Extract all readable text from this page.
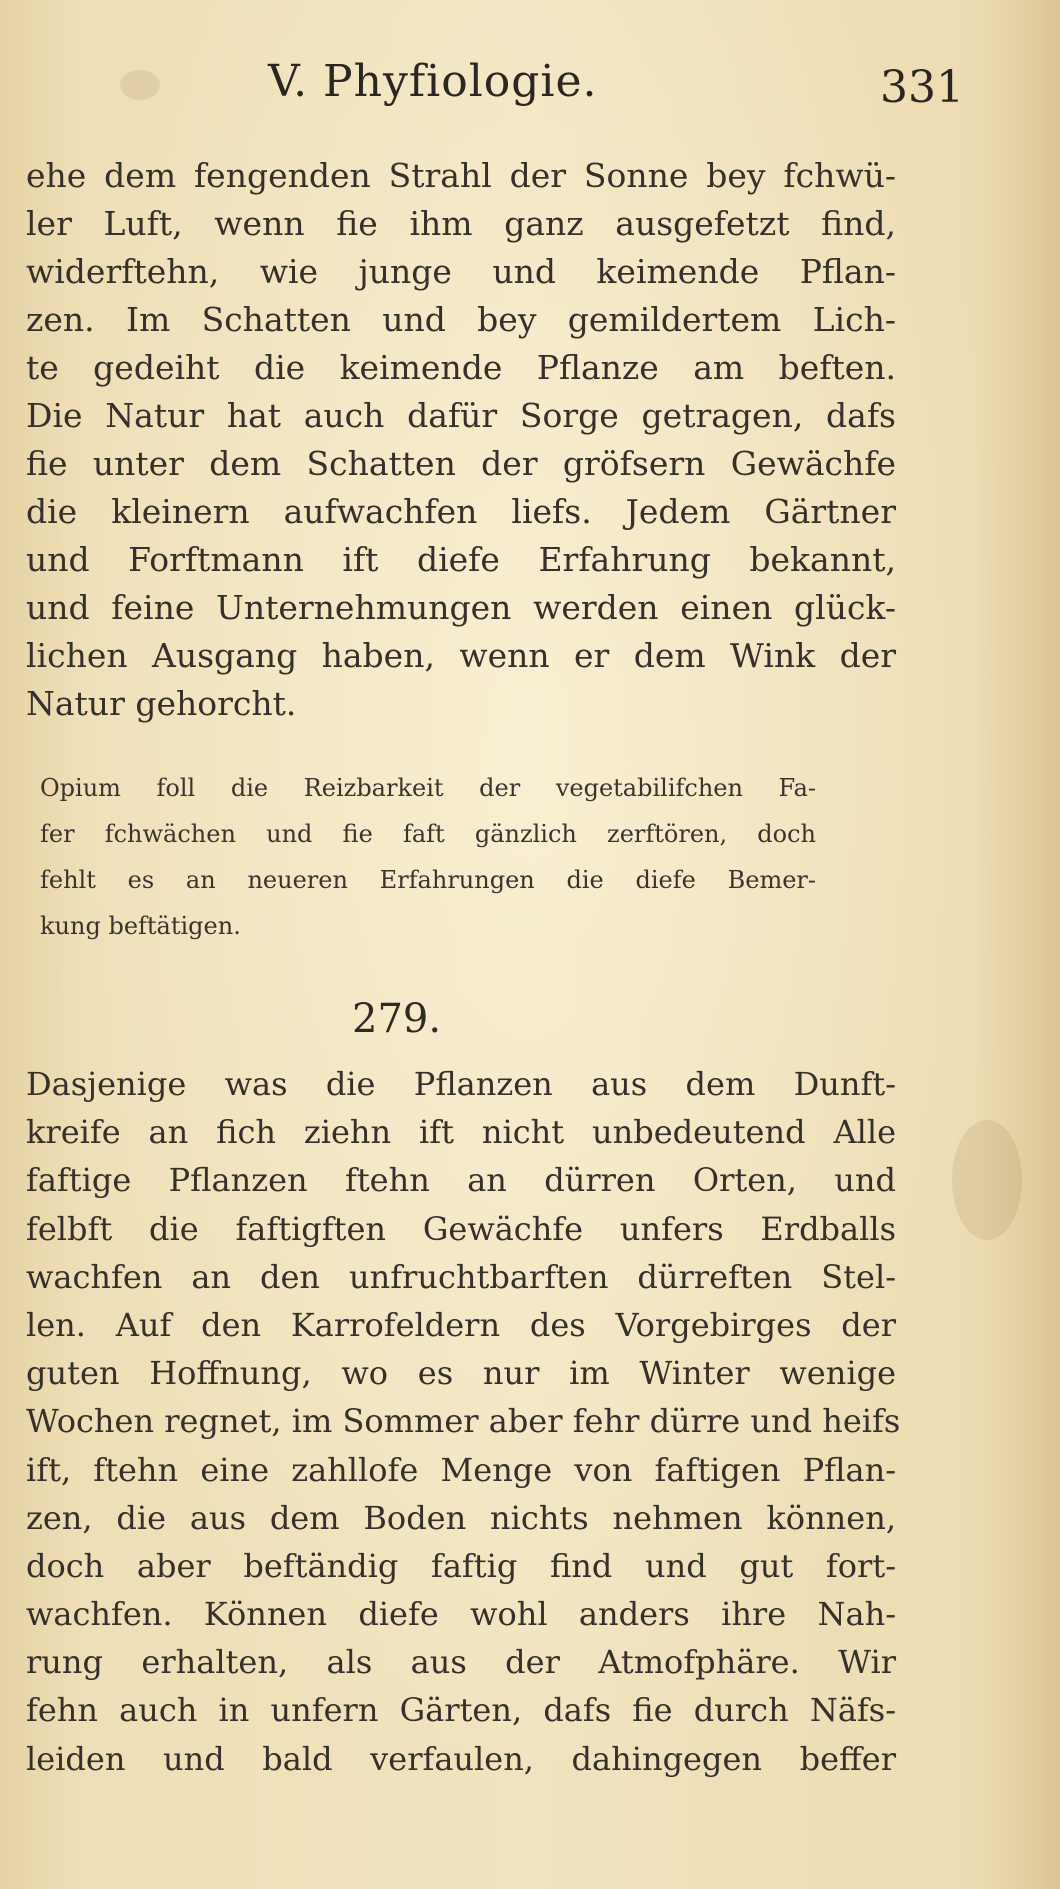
V. Phyfiologie.	331
ehe dem fengenden Strahl der Sonne bey fchwü-
ler Luft, wenn fie ihm ganz ausgefetzt find,
widerftehn, wie junge und keimende Pflan-
zen. Im Schatten und bey gemildertem Lich-
te gedeiht die keimende Pflanze am beften.
Die Natur hat auch dafür Sorge getragen, dafs
fie unter dem Schatten der gröfsern Gewächfe
die kleinern aufwachfen liefs. Jedem Gärtner
und Forftmann ift diefe Erfahrung bekannt,
und feine Unternehmungen werden einen glück-
lichen Ausgang haben, wenn er dem Wink der
Natur gehorcht.
Opium foll die Reizbarkeit der vegetabilifchen Fa-
fer fchwächen und fie faft gänzlich zerftören, doch
fehlt es an neueren Erfahrungen die diefe Bemer-
kung beftätigen.
279.
Dasjenige was die Pflanzen aus dem Dunft-
kreife an fich ziehn ift nicht unbedeutend Alle
faftige Pflanzen ftehn an dürren Orten, und
felbft die faftigften Gewächfe unfers Erdballs
wachfen an den unfruchtbarften dürreften Stel-
len. Auf den Karrofeldern des Vorgebirges der
guten Hoffnung, wo es nur im Winter wenige
Wochen regnet, im Sommer aber fehr dürre und heifs
ift, ftehn eine zahllofe Menge von faftigen Pflan-
zen, die aus dem Boden nichts nehmen können,
doch aber beftändig faftig find und gut fort-
wachfen. Können diefe wohl anders ihre Nah-
rung erhalten, als aus der Atmofphäre. Wir
fehn auch in unfern Gärten, dafs fie durch Näfs-
leiden und bald verfaulen, dahingegen beffer
